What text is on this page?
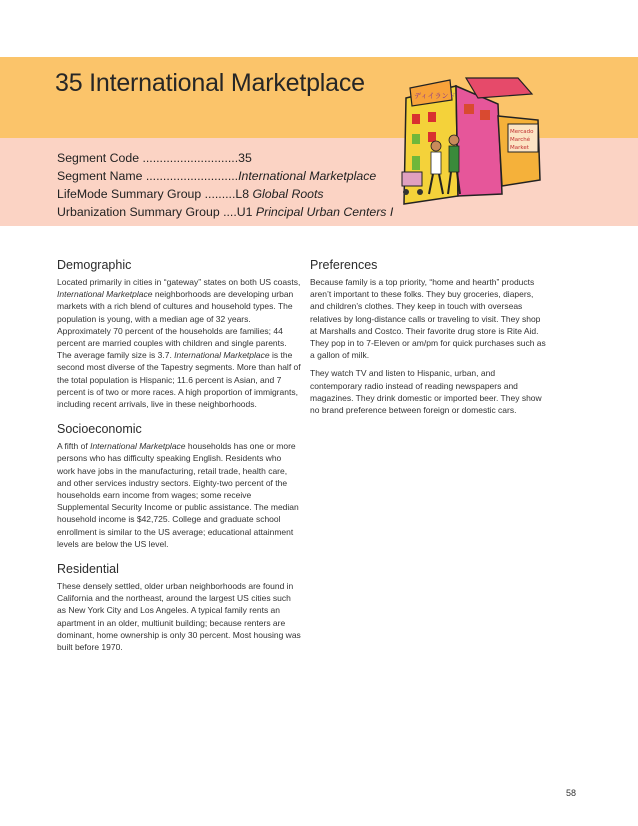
35 International Marketplace
Segment Code ............................35
Segment Name ...........................International Marketplace
LifeMode Summary Group .........L8 Global Roots
Urbanization Summary Group ....U1 Principal Urban Centers I
ディイランド
Mercado
Marché
Market
Demographic

Located primarily in cities in “gateway” states on both US coasts, International Marketplace neighborhoods are developing urban markets with a rich blend of cultures and household types. The population is young, with a median age of 32 years. Approximately 70 percent of the households are families; 44 percent are married couples with children and single parents. The average family size is 3.7. International Marketplace is the second most diverse of the Tapestry segments. More than half of the total population is Hispanic; 11.6 percent is Asian, and 7 percent is of two or more races. A high proportion of immigrants, including recent arrivals, live in these neighborhoods.

Socioeconomic

A fifth of International Marketplace households has one or more persons who has difficulty speaking English. Residents who work have jobs in the manufacturing, retail trade, health care, and other services industry sectors. Eighty-two percent of the households earn income from wages; some receive Supplemental Security Income or public assistance. The median household income is $42,725. College and graduate school enrollment is similar to the US average; educational attainment levels are below the US level.

Residential

These densely settled, older urban neighborhoods are found in California and the northeast, around the largest US cities such as New York City and Los Angeles. A typical family rents an apartment in an older, multiunit building; because renters are dominant, home ownership is only 30 percent. Most housing was built before 1970.

Preferences

Because family is a top priority, “home and hearth” products aren’t important to these folks. They buy groceries, diapers, and children’s clothes. They keep in touch with overseas relatives by long-distance calls or traveling to visit. They shop at Marshalls and Costco. Their favorite drug store is Rite Aid. They pop in to 7-Eleven or am/pm for quick purchases such as a gallon of milk.

They watch TV and listen to Hispanic, urban, and contemporary radio instead of reading newspapers and magazines. They drink domestic or imported beer. They show no brand preference between foreign or domestic cars.

58
